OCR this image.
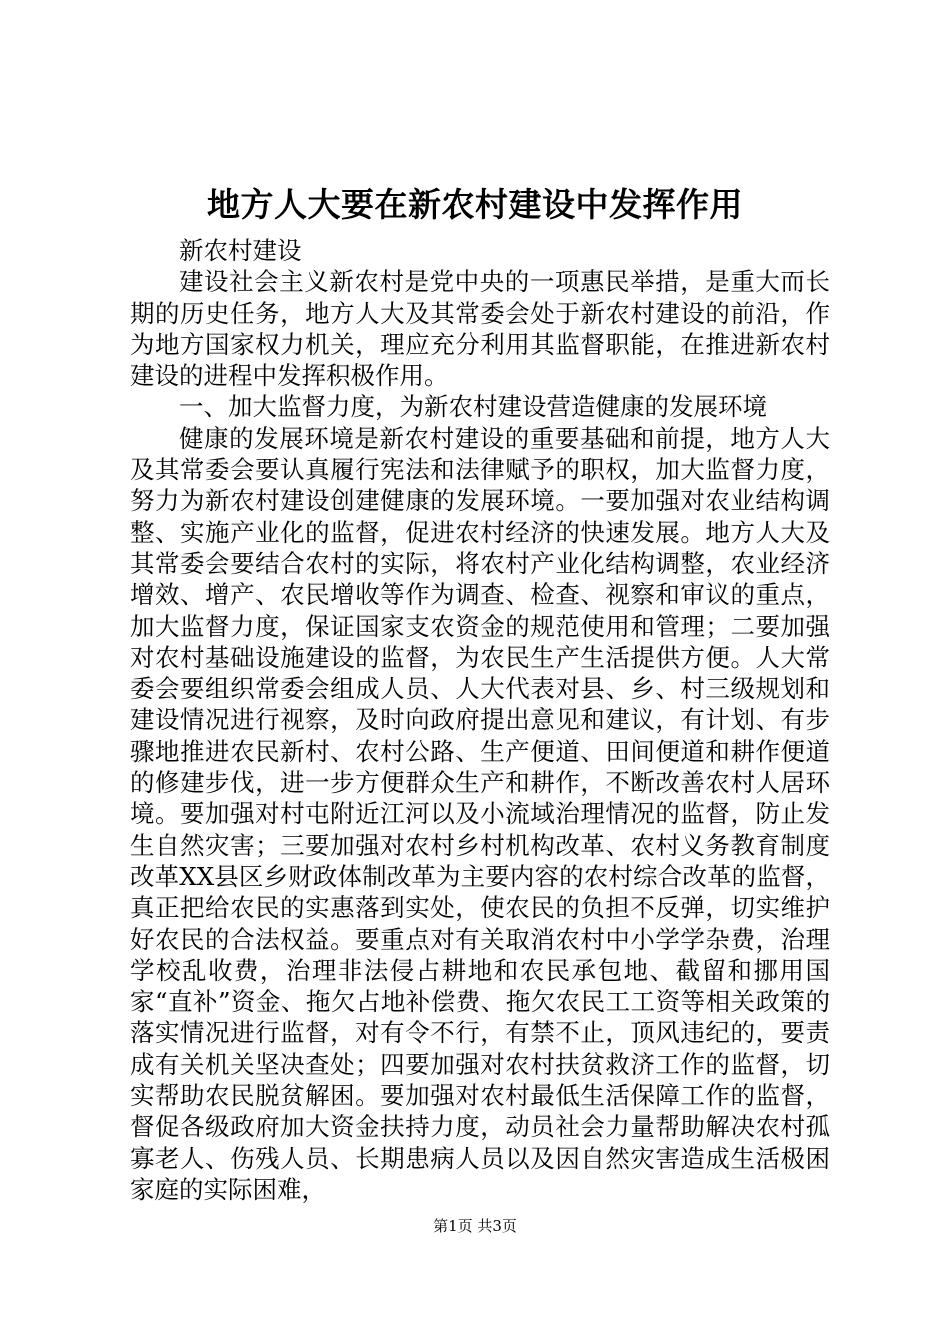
地方人大要在新农村建设中发挥作用

新农村建设

建设社会主义新农村是党中央的一项惠民举措，是重大而长期的历史任务，地方人大及其常委会处于新农村建设的前沿，作为地方国家权力机关，理应充分利用其监督职能，在推进新农村建设的进程中发挥积极作用。

一、加大监督力度，为新农村建设营造健康的发展环境

健康的发展环境是新农村建设的重要基础和前提，地方人大及其常委会要认真履行宪法和法律赋予的职权，加大监督力度，努力为新农村建设创建健康的发展环境。一要加强对农业结构调整、实施产业化的监督，促进农村经济的快速发展。地方人大及其常委会要结合农村的实际，将农村产业化结构调整，农业经济增效、增产、农民增收等作为调查、检查、视察和审议的重点，加大监督力度，保证国家支农资金的规范使用和管理；二要加强对农村基础设施建设的监督，为农民生产生活提供方便。人大常委会要组织常委会组成人员、人大代表对县、乡、村三级规划和建设情况进行视察，及时向政府提出意见和建议，有计划、有步骤地推进农民新村、农村公路、生产便道、田间便道和耕作便道的修建步伐，进一步方便群众生产和耕作，不断改善农村人居环境。要加强对村屯附近江河以及小流域治理情况的监督，防止发生自然灾害；三要加强对农村乡村机构改革、农村义务教育制度改革XX县区乡财政体制改革为主要内容的农村综合改革的监督，真正把给农民的实惠落到实处，使农民的负担不反弹，切实维护好农民的合法权益。要重点对有关取消农村中小学学杂费，治理学校乱收费，治理非法侵占耕地和农民承包地、截留和挪用国家“直补”资金、拖欠占地补偿费、拖欠农民工工资等相关政策的落实情况进行监督，对有令不行，有禁不止，顶风违纪的，要责成有关机关坚决查处；四要加强对农村扶贫救济工作的监督，切实帮助农民脱贫解困。要加强对农村最低生活保障工作的监督，督促各级政府加大资金扶持力度，动员社会力量帮助解决农村孤寡老人、伤残人员、长期患病人员以及因自然灾害造成生活极困家庭的实际困难，

第1页 共3页
